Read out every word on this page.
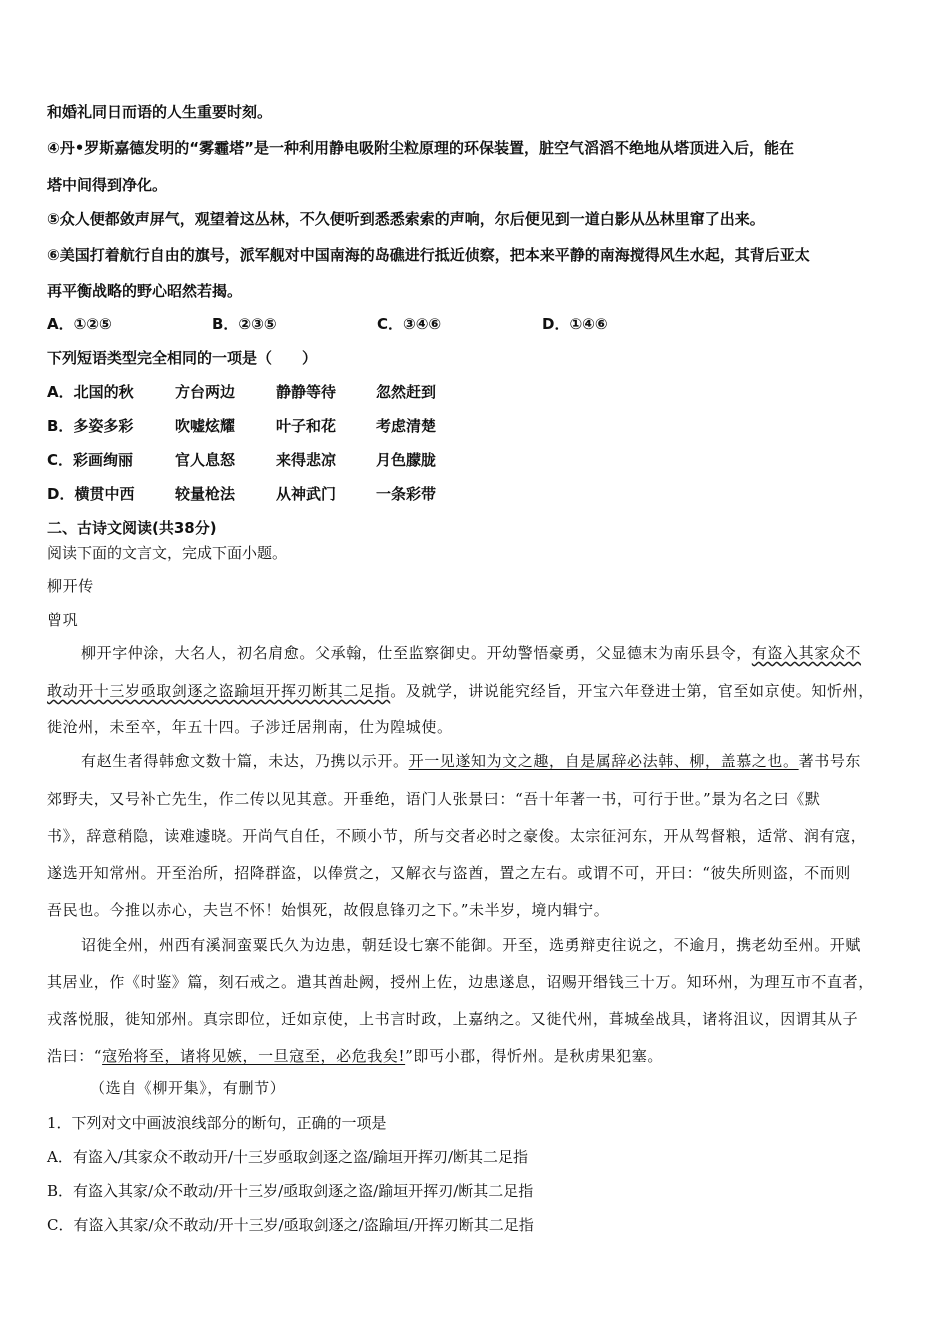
和婚礼同日而语的人生重要时刻。
④丹•罗斯嘉德发明的“雾霾塔”是一种利用静电吸附尘粒原理的环保装置，脏空气滔滔不绝地从塔顶进入后，能在
塔中间得到净化。
⑤众人便都敛声屏气，观望着这丛林，不久便听到悉悉索索的声响，尔后便见到一道白影从丛林里窜了出来。
⑥美国打着航行自由的旗号，派军舰对中国南海的岛礁进行抵近侦察，把本来平静的南海搅得风生水起，其背后亚太
再平衡战略的野心昭然若揭。
A．①②⑤	B．②③⑤	C．③④⑥	D．①④⑥
下列短语类型完全相同的一项是（　　）
A．北国的秋	方台两边	静静等待	忽然赶到
B．多姿多彩	吹嘘炫耀	叶子和花	考虑清楚
C．彩画绚丽	官人息怒	来得悲凉	月色朦胧
D．横贯中西	较量枪法	从神武门	一条彩带
二、古诗文阅读(共38分)
阅读下面的文言文，完成下面小题。
柳开传
曾巩
柳开字仲涂，大名人，初名肩愈。父承翰，仕至监察御史。开幼警悟豪勇，父显德末为南乐县令，有盗入其家众不
敢动开十三岁亟取剑逐之盗踰垣开挥刃断其二足指。及就学，讲说能究经旨，开宝六年登进士第，官至如京使。知忻州，
徙沧州，未至卒，年五十四。子涉迁居荆南，仕为隍城使。
有赵生者得韩愈文数十篇，未达，乃携以示开。开一见遂知为文之趣，自是属辞必法韩、柳，盖慕之也。著书号东
郊野夫，又号补亡先生，作二传以见其意。开垂绝，语门人张景曰：“吾十年著一书，可行于世。”景为名之曰《默
书》，辞意稍隐，读难遽晓。开尚气自任，不顾小节，所与交者必时之豪俊。太宗征河东，开从驾督粮，适常、润有寇，
遂选开知常州。开至治所，招降群盗，以俸赏之，又解衣与盗酋，置之左右。或谓不可，开曰：“彼失所则盗，不而则
吾民也。今推以赤心，夫岂不怀！始惧死，故假息锋刃之下。”未半岁，境内辑宁。
诏徙全州，州西有溪洞蛮粟氏久为边患，朝廷设七寨不能御。开至，选勇辩吏往说之，不逾月，携老幼至州。开赋
其居业，作《时鉴》篇，刻石戒之。遣其酋赴阙，授州上佐，边患遂息，诏赐开缗钱三十万。知环州，为理互市不直者，
戎落悦服，徙知邠州。真宗即位，迁如京使，上书言时政，上嘉纳之。又徙代州，葺城垒战具，诸将沮议，因谓其从子
浩曰：“寇殆将至，诸将见嫉，一旦寇至，必危我矣!”即丐小郡，得忻州。是秋虏果犯塞。
（选自《柳开集》，有删节）
1．下列对文中画波浪线部分的断句，正确的一项是
A．有盗入/其家众不敢动开/十三岁亟取剑逐之盗/踰垣开挥刃/断其二足指
B．有盗入其家/众不敢动/开十三岁/亟取剑逐之盗/踰垣开挥刃/断其二足指
C．有盗入其家/众不敢动/开十三岁/亟取剑逐之/盗踰垣/开挥刃断其二足指
